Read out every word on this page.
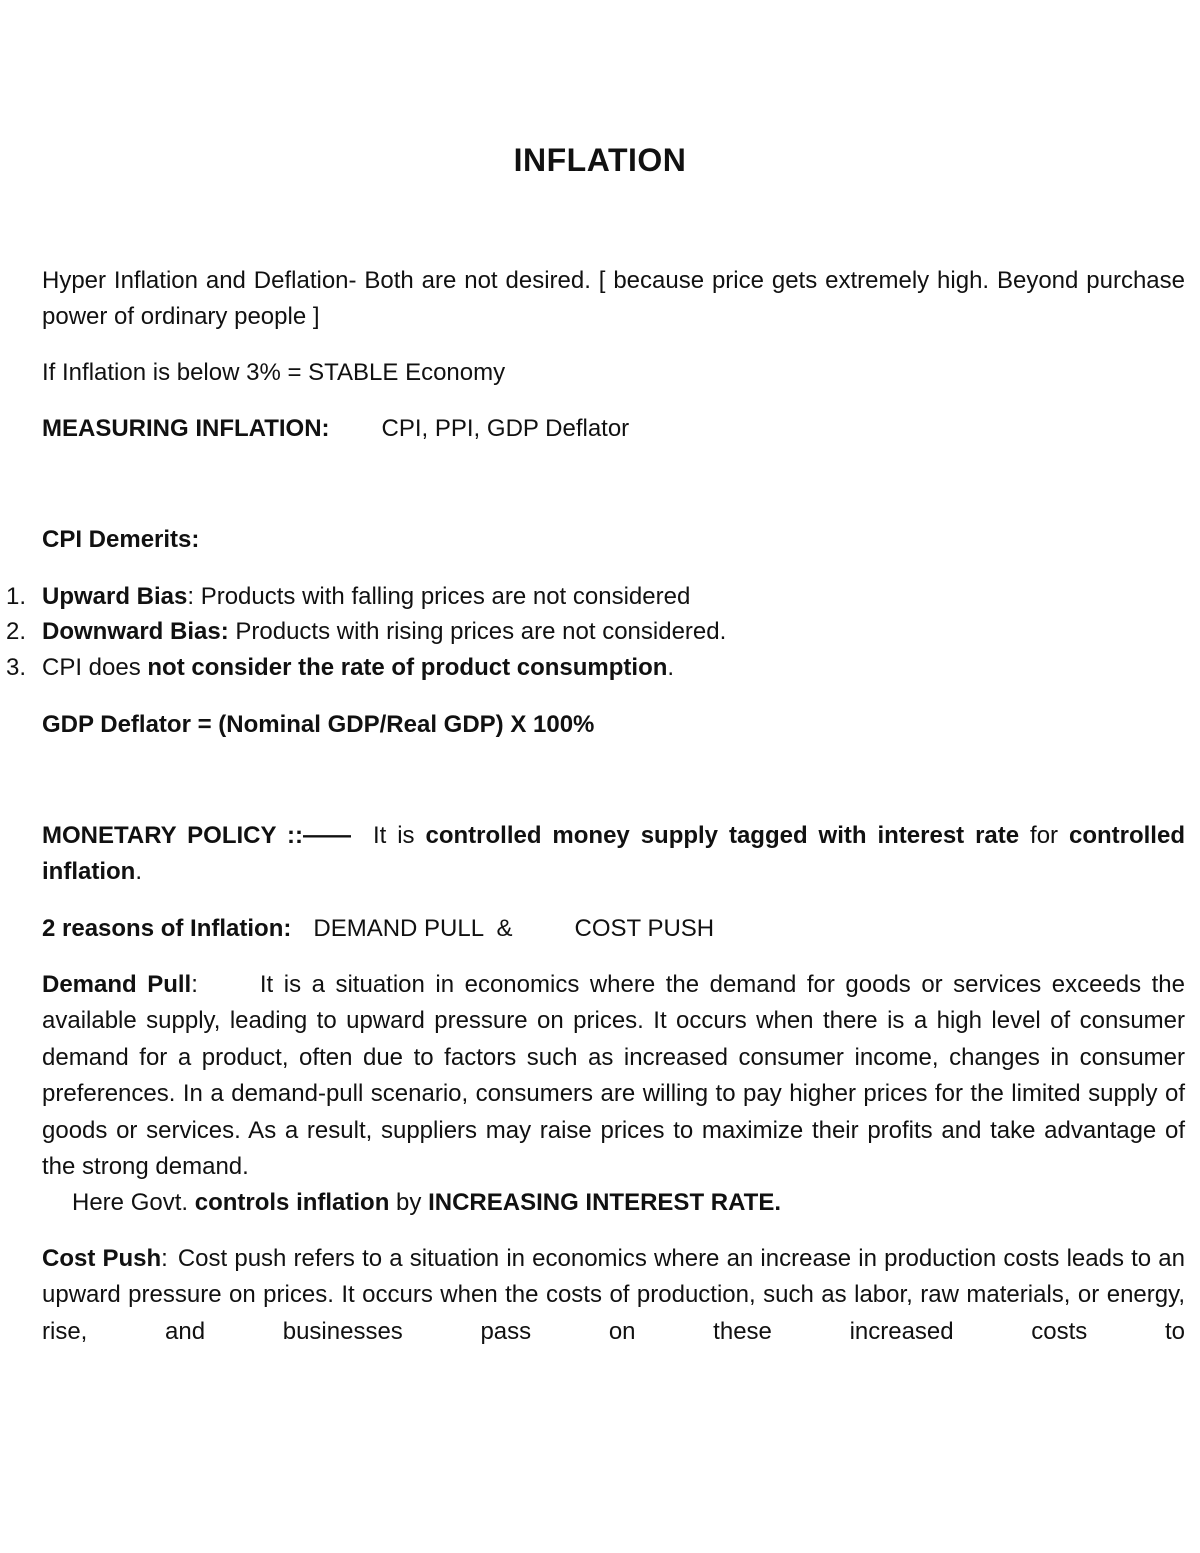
INFLATION

Hyper Inflation and Deflation- Both are not desired. [ because price gets extremely high. Beyond purchase power of ordinary people ]

If Inflation is below 3% = STABLE Economy

MEASURING INFLATION: CPI, PPI, GDP Deflator

CPI Demerits:

1. Upward Bias: Products with falling prices are not considered
2. Downward Bias: Products with rising prices are not considered.
3. CPI does not consider the rate of product consumption.

GDP Deflator = (Nominal GDP/Real GDP) X 100%

MONETARY POLICY ::—— It is controlled money supply tagged with interest rate for controlled inflation.

2 reasons of Inflation: DEMAND PULL  &	COST PUSH

Demand Pull:	It is a situation in economics where the demand for goods or services exceeds the available supply, leading to upward pressure on prices. It occurs when there is a high level of consumer demand for a product, often due to factors such as increased consumer income, changes in consumer preferences. In a demand-pull scenario, consumers are willing to pay higher prices for the limited supply of goods or services. As a result, suppliers may raise prices to maximize their profits and take advantage of the strong demand.

Here Govt. controls inflation by INCREASING INTEREST RATE.

Cost Push: Cost push refers to a situation in economics where an increase in production costs leads to an upward pressure on prices. It occurs when the costs of production, such as labor, raw materials, or energy, rise, and businesses pass on these increased costs to
